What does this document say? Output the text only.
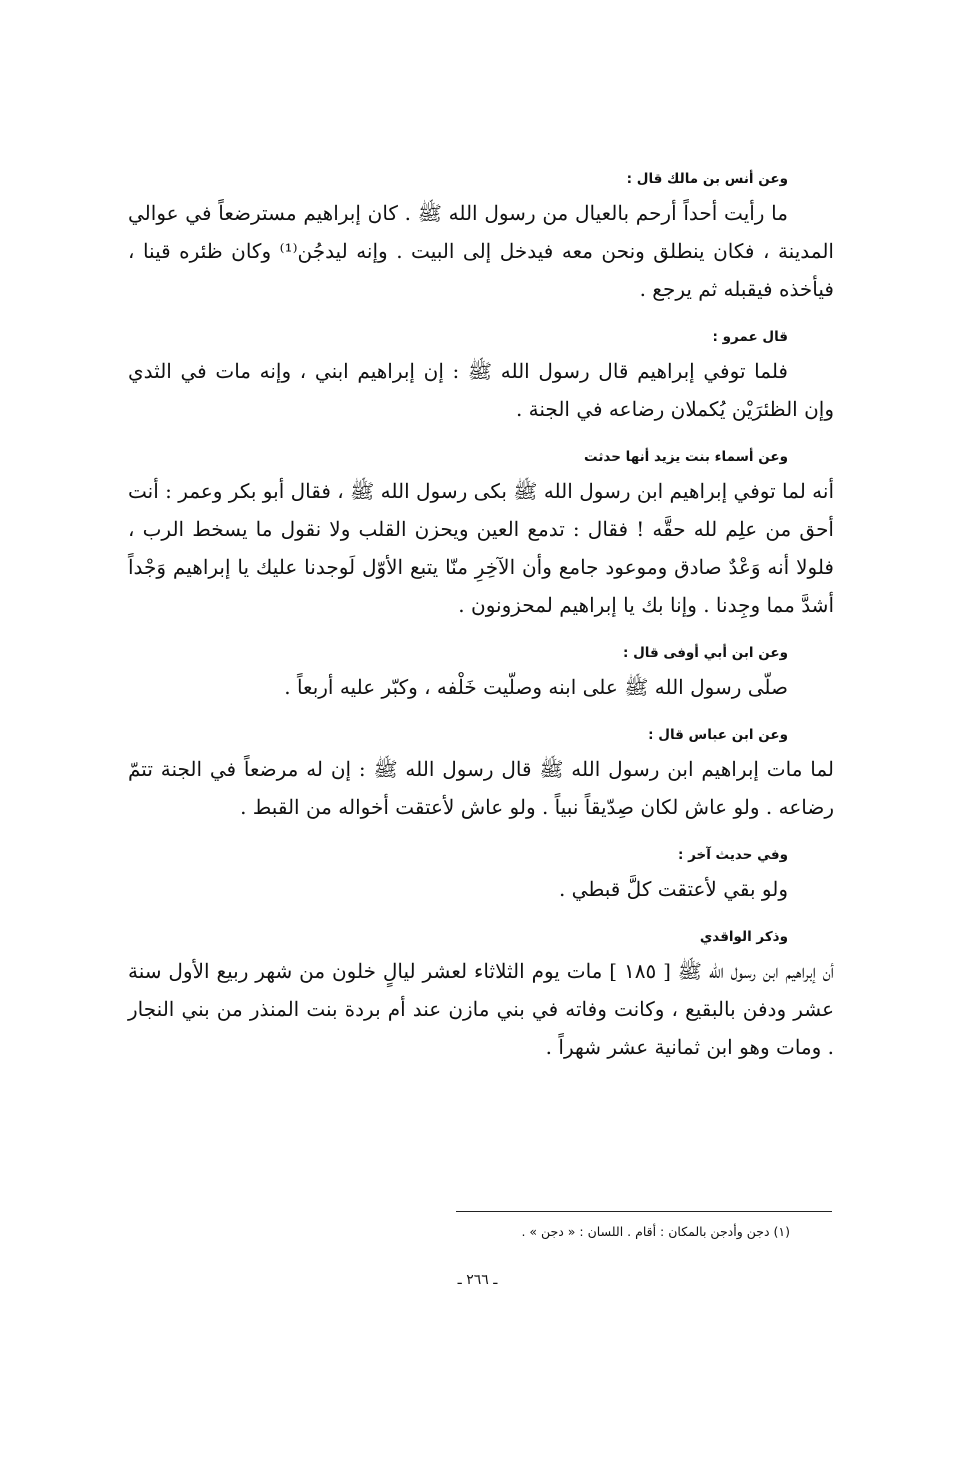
وعن أنس بن مالك قال :
ما رأيت أحداً أرحم بالعيال من رسول الله ﷺ . كان إبراهيم مسترضعاً في عوالي المدينة ، فكان ينطلق ونحن معه فيدخل إلى البيت . وإنه ليدجُن⁽¹⁾ وكان ظئره قينا ، فيأخذه فيقبله ثم يرجع .
قال عمرو :
فلما توفي إبراهيم قال رسول الله ﷺ : إن إبراهيم ابني ، وإنه مات في الثدي وإن الظئرَيْن يُكملان رضاعه في الجنة .
وعن أسماء بنت يزيد أنها حدثت
أنه لما توفي إبراهيم ابن رسول الله ﷺ بكى رسول الله ﷺ ، فقال أبو بكر وعمر : أنت أحق من علِم لله حقَّه ! فقال : تدمع العين ويحزن القلب ولا نقول ما يسخط الرب ، فلولا أنه وَعْدٌ صادق وموعود جامع وأن الآخِرِ منّا يتبع الأوّل لَوجدنا عليك يا إبراهيم وَجْداً أشدَّ مما وجِدنا . وإنا بك يا إبراهيم لمحزونون .
وعن ابن أبي أوفى قال :
صلّى رسول الله ﷺ على ابنه وصلّيت خَلْفه ، وكبّر عليه أربعاً .
وعن ابن عباس قال :
لما مات إبراهيم ابن رسول الله ﷺ قال رسول الله ﷺ : إن له مرضعاً في الجنة تتمّ رضاعه . ولو عاش لكان صِدّيقاً نبياً . ولو عاش لأعتقت أخواله من القبط .
وفي حديث آخر :
ولو بقي لأعتقت كلَّ قبطي .
وذكر الواقدي
أن إبراهيم ابن رسول الله ﷺ [ ١٨٥ ] مات يوم الثلاثاء لعشر ليالٍ خلون من شهر ربيع الأول سنة عشر ودفن بالبقيع ، وكانت وفاته في بني مازن عند أم بردة بنت المنذر من بني النجار . ومات وهو ابن ثمانية عشر شهراً .
(١) دجن وأدجن بالمكان : أقام . اللسان : « دجن » .
ـ ٢٦٦ ـ
